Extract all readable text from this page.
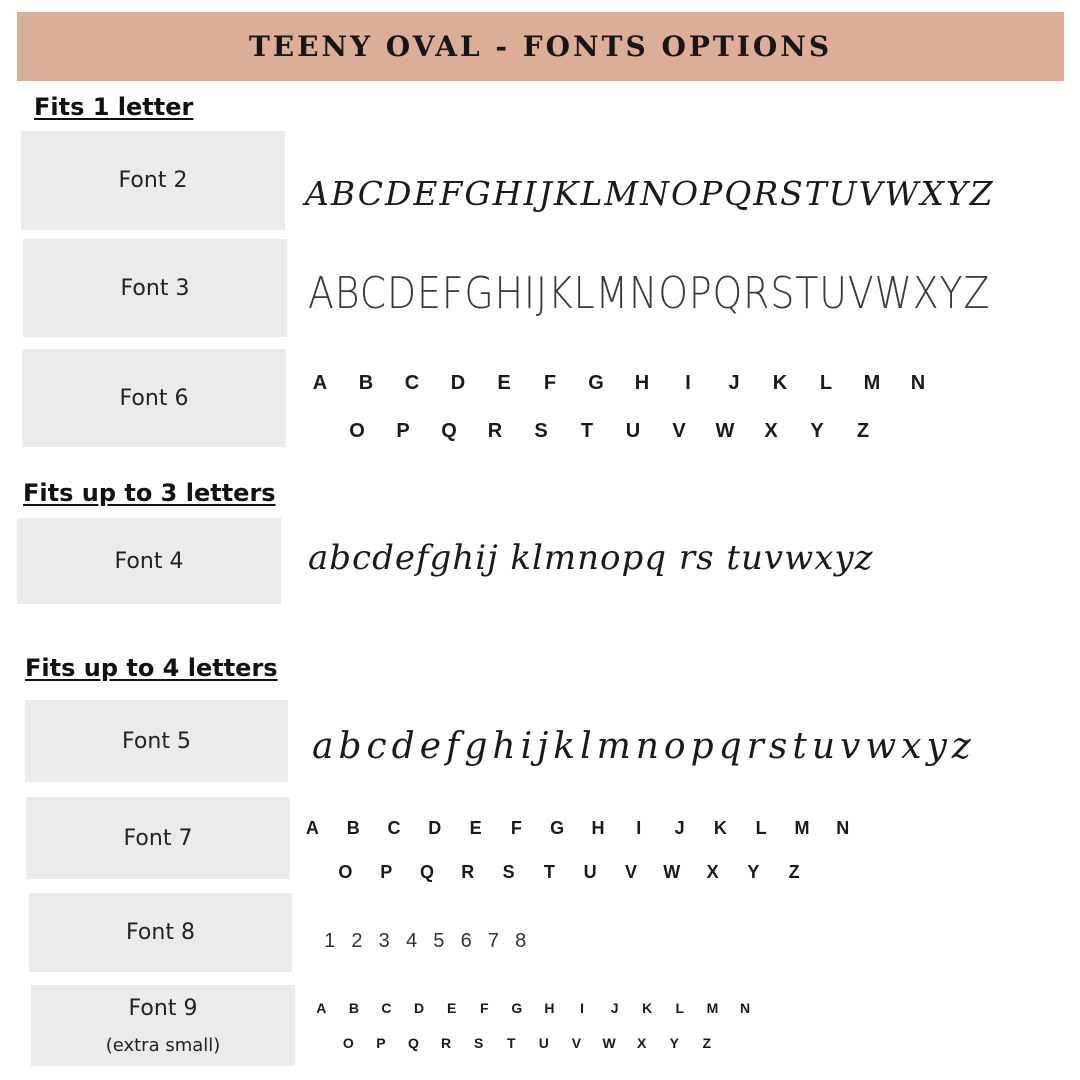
TEENY OVAL - FONTS OPTIONS
Fits 1 letter
Font 2	ABCDEFGHIJKLMNOPQRSTUVWXYZ
Font 3	ABCDEFGHIJKLMNOPQRSTUVWXYZ
Font 6
A	B	C	D	E	F	G	H	I	J	K	L	M	N
O	P	Q	R	S	T	U	V	W	X	Y	Z
Fits up to 3 letters
Font 4	abcdefghij klmnopq rs tuvwxyz
Fits up to 4 letters
Font 5	abcdefghijklmnopqrstuvwxyz
Font 7	A	B	C	D	E	F	G	H	I	J	K	L	M	N
O	P	Q	R	S	T	U	V	W	X	Y	Z
Font 8	1 2 3 4 5 6 7 8
Font 9
(extra small)
A	B	C	D	E	F	G	H	I	J	K	L	M	N
O	P	Q	R	S	T	U	V	W	X	Y	Z
